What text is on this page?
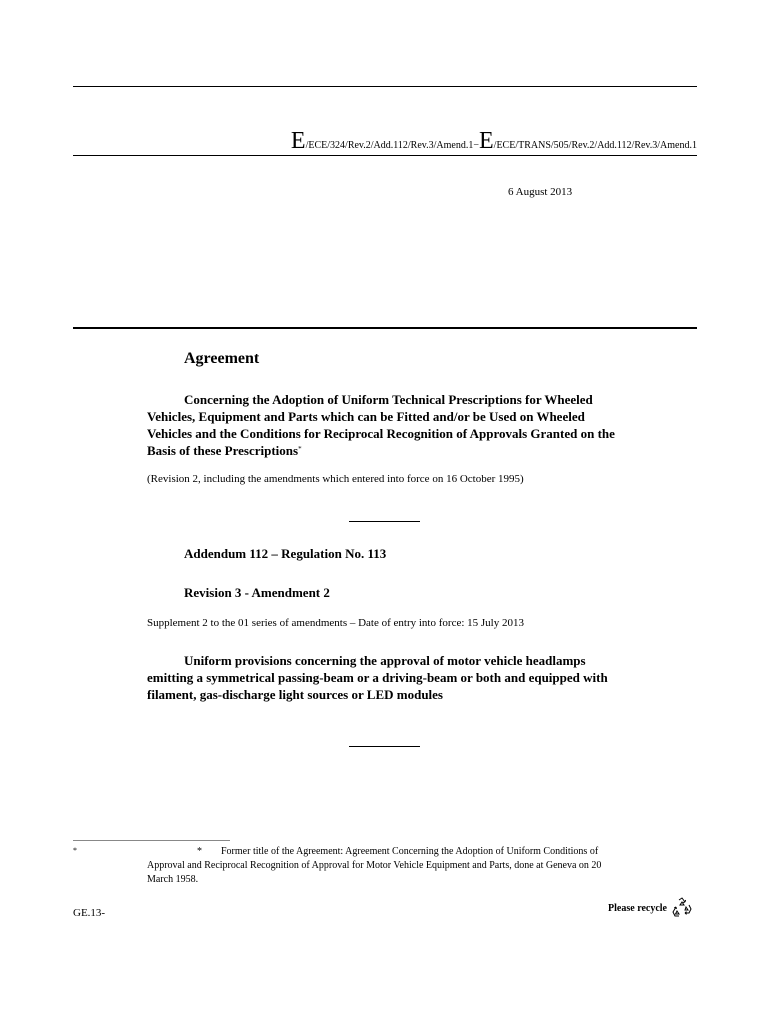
E/ECE/324/Rev.2/Add.112/Rev.3/Amend.1−E/ECE/TRANS/505/Rev.2/Add.112/Rev.3/Amend.1
6 August 2013
Agreement
Concerning the Adoption of Uniform Technical Prescriptions for Wheeled Vehicles, Equipment and Parts which can be Fitted and/or be Used on Wheeled Vehicles and the Conditions for Reciprocal Recognition of Approvals Granted on the Basis of these Prescriptions*
(Revision 2, including the amendments which entered into force on 16 October 1995)
Addendum 112 – Regulation No. 113
Revision 3 - Amendment 2
Supplement 2 to the 01 series of amendments – Date of entry into force: 15 July 2013
Uniform provisions concerning the approval of motor vehicle headlamps emitting a symmetrical passing-beam or a driving-beam or both and equipped with filament, gas-discharge light sources or LED modules
*	* Former title of the Agreement: Agreement Concerning the Adoption of Uniform Conditions of Approval and Reciprocal Recognition of Approval for Motor Vehicle Equipment and Parts, done at Geneva on 20 March 1958.
GE.13-	Please recycle
